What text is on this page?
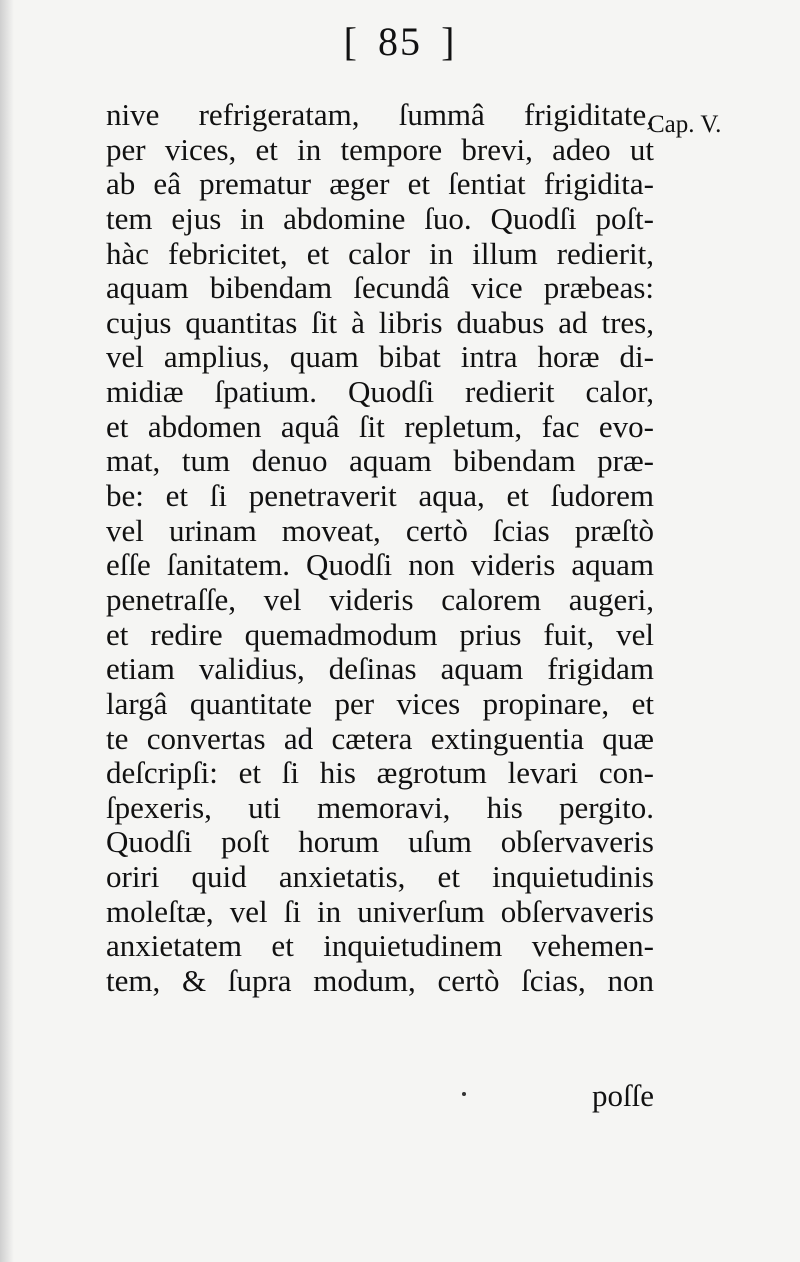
[ 85 ]
Cap. V.
nive refrigeratam, ſummâ frigiditate,
per vices, et in tempore brevi, adeo ut
ab eâ prematur æger et ſentiat frigidita-
tem ejus in abdomine ſuo. Quodſi poſt-
hàc febricitet, et calor in illum redierit,
aquam bibendam ſecundâ vice præbeas:
cujus quantitas ſit à libris duabus ad tres,
vel amplius, quam bibat intra horæ di-
midiæ ſpatium. Quodſi redierit calor,
et abdomen aquâ ſit repletum, fac evo-
mat, tum denuo aquam bibendam præ-
be: et ſi penetraverit aqua, et ſudorem
vel urinam moveat, certò ſcias præſtò
eſſe ſanitatem. Quodſi non videris aquam
penetraſſe, vel videris calorem augeri,
et redire quemadmodum prius fuit, vel
etiam validius, deſinas aquam frigidam
largâ quantitate per vices propinare, et
te convertas ad cætera extinguentia quæ
deſcripſi: et ſi his ægrotum levari con-
ſpexeris, uti memoravi, his pergito.
Quodſi poſt horum uſum obſervaveris
oriri quid anxietatis, et inquietudinis
moleſtæ, vel ſi in univerſum obſervaveris
anxietatem et inquietudinem vehemen-
tem, & ſupra modum, certò ſcias, non
poſſe
